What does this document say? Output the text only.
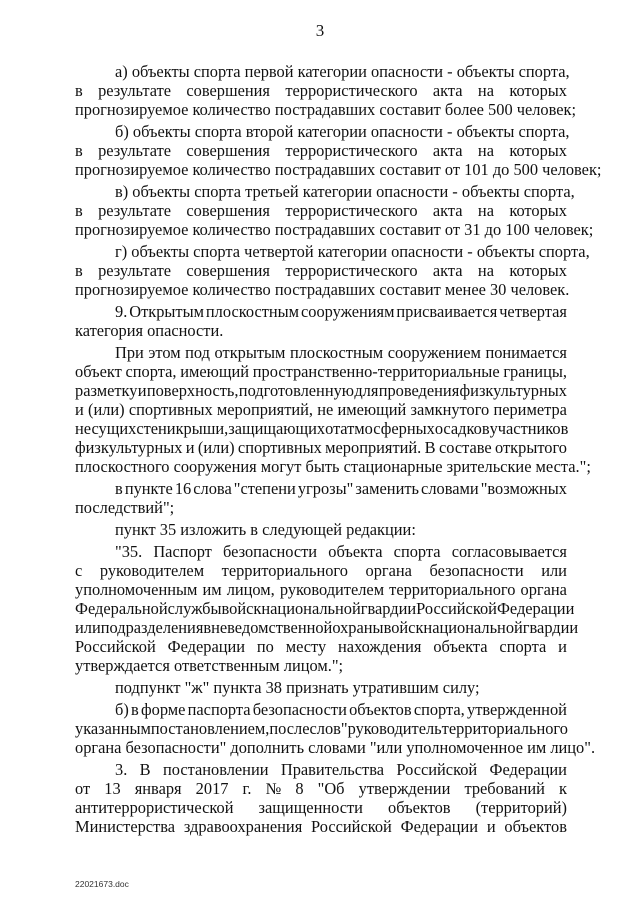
3
а) объекты спорта первой категории опасности - объекты спорта,
в результате совершения террористического акта на которых
прогнозируемое количество пострадавших составит более 500 человек;
б) объекты спорта второй категории опасности - объекты спорта,
в результате совершения террористического акта на которых
прогнозируемое количество пострадавших составит от 101 до 500 человек;
в) объекты спорта третьей категории опасности - объекты спорта,
в результате совершения террористического акта на которых
прогнозируемое количество пострадавших составит от 31 до 100 человек;
г) объекты спорта четвертой категории опасности - объекты спорта,
в результате совершения террористического акта на которых
прогнозируемое количество пострадавших составит менее 30 человек.
9. Открытым плоскостным сооружениям присваивается четвертая
категория опасности.
При этом под открытым плоскостным сооружением понимается
объект спорта, имеющий пространственно-территориальные границы,
разметку и поверхность, подготовленную для проведения физкультурных
и (или) спортивных мероприятий, не имеющий замкнутого периметра
несущих стен и крыши, защищающих от атмосферных осадков участников
физкультурных и (или) спортивных мероприятий. В составе открытого
плоскостного сооружения могут быть стационарные зрительские места.";
в пункте 16 слова "степени угрозы" заменить словами "возможных
последствий";
пункт 35 изложить в следующей редакции:
"35. Паспорт безопасности объекта спорта согласовывается
с руководителем территориального органа безопасности или
уполномоченным им лицом, руководителем территориального органа
Федеральной службы войск национальной гвардии Российской Федерации
или подразделения вневедомственной охраны войск национальной гвардии
Российской Федерации по месту нахождения объекта спорта и
утверждается ответственным лицом.";
подпункт "ж" пункта 38 признать утратившим силу;
б) в форме паспорта безопасности объектов спорта, утвержденной
указанным постановлением, после слов "руководитель территориального
органа безопасности" дополнить словами "или уполномоченное им лицо".
3. В постановлении Правительства Российской Федерации
от 13 января 2017 г. № 8 "Об утверждении требований к
антитеррористической защищенности объектов (территорий)
Министерства здравоохранения Российской Федерации и объектов
22021673.doc
